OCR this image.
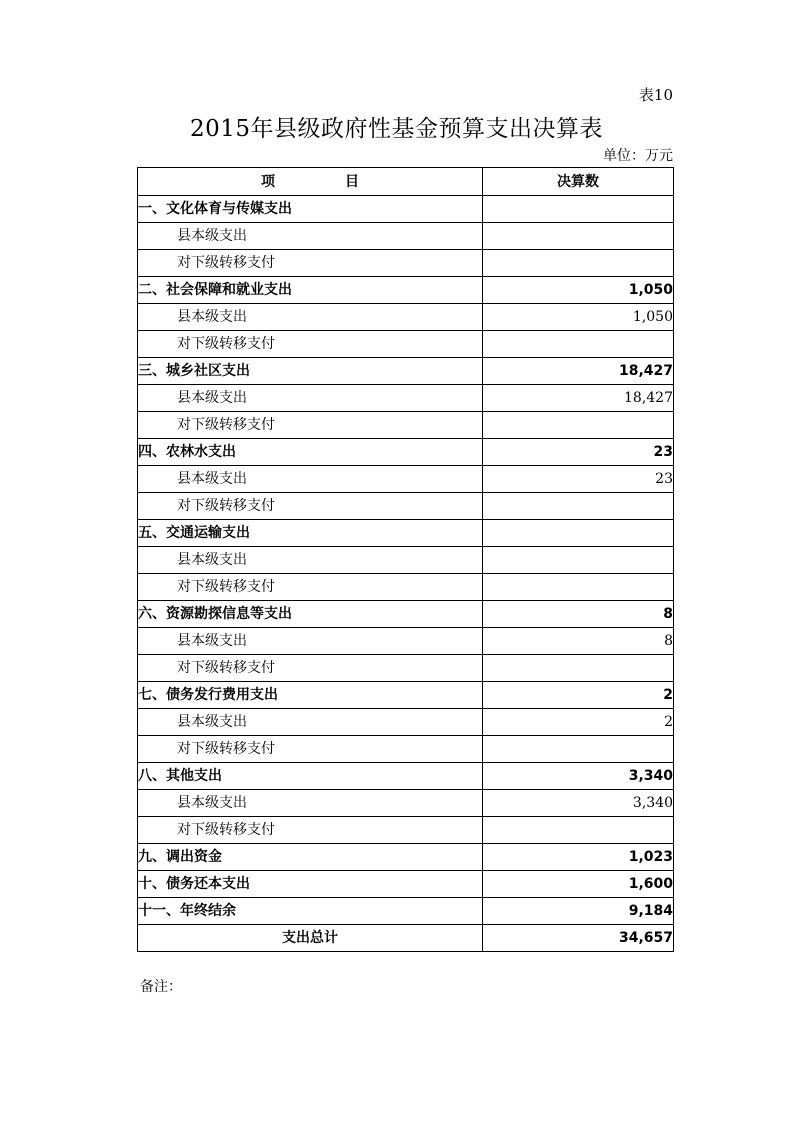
表10
2015年县级政府性基金预算支出决算表
单位：万元
项 目	决算数
一、文化体育与传媒支出	
县本级支出	
对下级转移支付	
二、社会保障和就业支出	1,050
县本级支出	1,050
对下级转移支付	
三、城乡社区支出	18,427
县本级支出	18,427
对下级转移支付	
四、农林水支出	23
县本级支出	23
对下级转移支付	
五、交通运输支出	
县本级支出	
对下级转移支付	
六、资源勘探信息等支出	8
县本级支出	8
对下级转移支付	
七、债务发行费用支出	2
县本级支出	2
对下级转移支付	
八、其他支出	3,340
县本级支出	3,340
对下级转移支付	
九、调出资金	1,023
十、债务还本支出	1,600
十一、年终结余	9,184
支出总计	34,657
备注：
